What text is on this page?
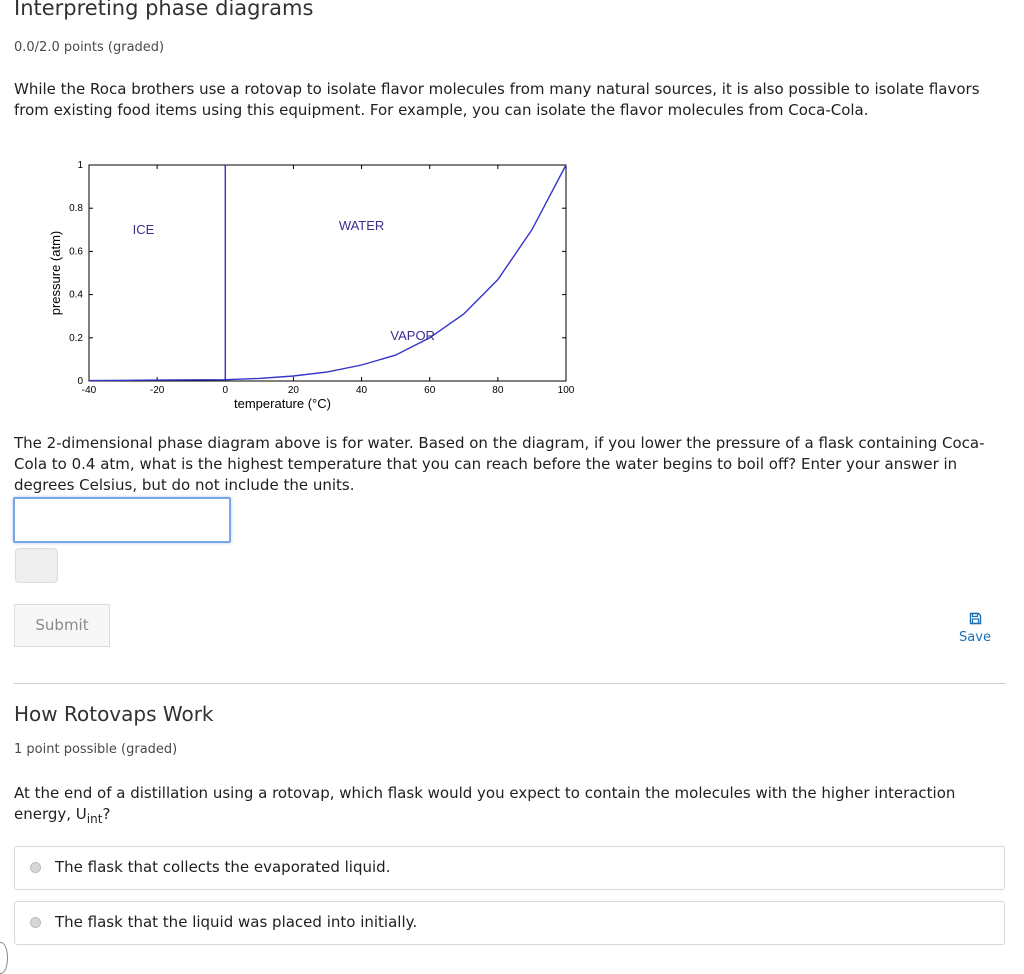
Interpreting phase diagrams
0.0/2.0 points (graded)
While the Roca brothers use a rotovap to isolate flavor molecules from many natural sources, it is also possible to isolate flavors from existing food items using this equipment. For example, you can isolate the flavor molecules from Coca-Cola.
-40	-20	0	20	40	60	80	100
0
0.2
0.4
0.6
0.8
1
temperature (°C)
pressure (atm)
ICE	WATER
VAPOR
The 2-dimensional phase diagram above is for water. Based on the diagram, if you lower the pressure of a flask containing Coca-Cola to 0.4 atm, what is the highest temperature that you can reach before the water begins to boil off? Enter your answer in degrees Celsius, but do not include the units.
Submit
Save
How Rotovaps Work
1 point possible (graded)
At the end of a distillation using a rotovap, which flask would you expect to contain the molecules with the higher interaction energy, $U_{int}$?
The flask that collects the evaporated liquid.
The flask that the liquid was placed into initially.
